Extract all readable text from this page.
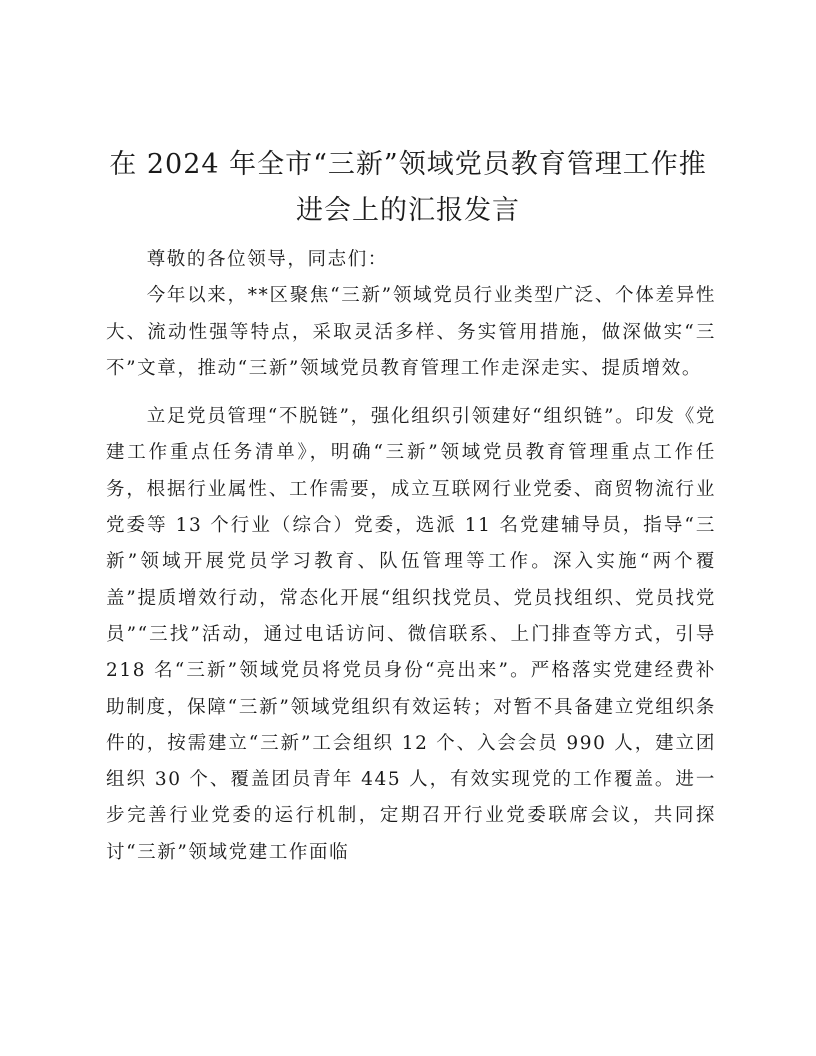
在 2024 年全市“三新”领域党员教育管理工作推进会上的汇报发言

尊敬的各位领导，同志们：

今年以来，**区聚焦“三新”领域党员行业类型广泛、个体差异性大、流动性强等特点，采取灵活多样、务实管用措施，做深做实“三不”文章，推动“三新”领域党员教育管理工作走深走实、提质增效。

立足党员管理“不脱链”，强化组织引领建好“组织链”。印发《党建工作重点任务清单》，明确“三新”领域党员教育管理重点工作任务，根据行业属性、工作需要，成立互联网行业党委、商贸物流行业党委等 13 个行业（综合）党委，选派 11 名党建辅导员，指导“三新”领域开展党员学习教育、队伍管理等工作。深入实施“两个覆盖”提质增效行动，常态化开展“组织找党员、党员找组织、党员找党员”“三找”活动，通过电话访问、微信联系、上门排查等方式，引导 218 名“三新”领域党员将党员身份“亮出来”。严格落实党建经费补助制度，保障“三新”领域党组织有效运转；对暂不具备建立党组织条件的，按需建立“三新”工会组织 12 个、入会会员 990 人，建立团组织 30 个、覆盖团员青年 445 人，有效实现党的工作覆盖。进一步完善行业党委的运行机制，定期召开行业党委联席会议，共同探讨“三新”领域党建工作面临
